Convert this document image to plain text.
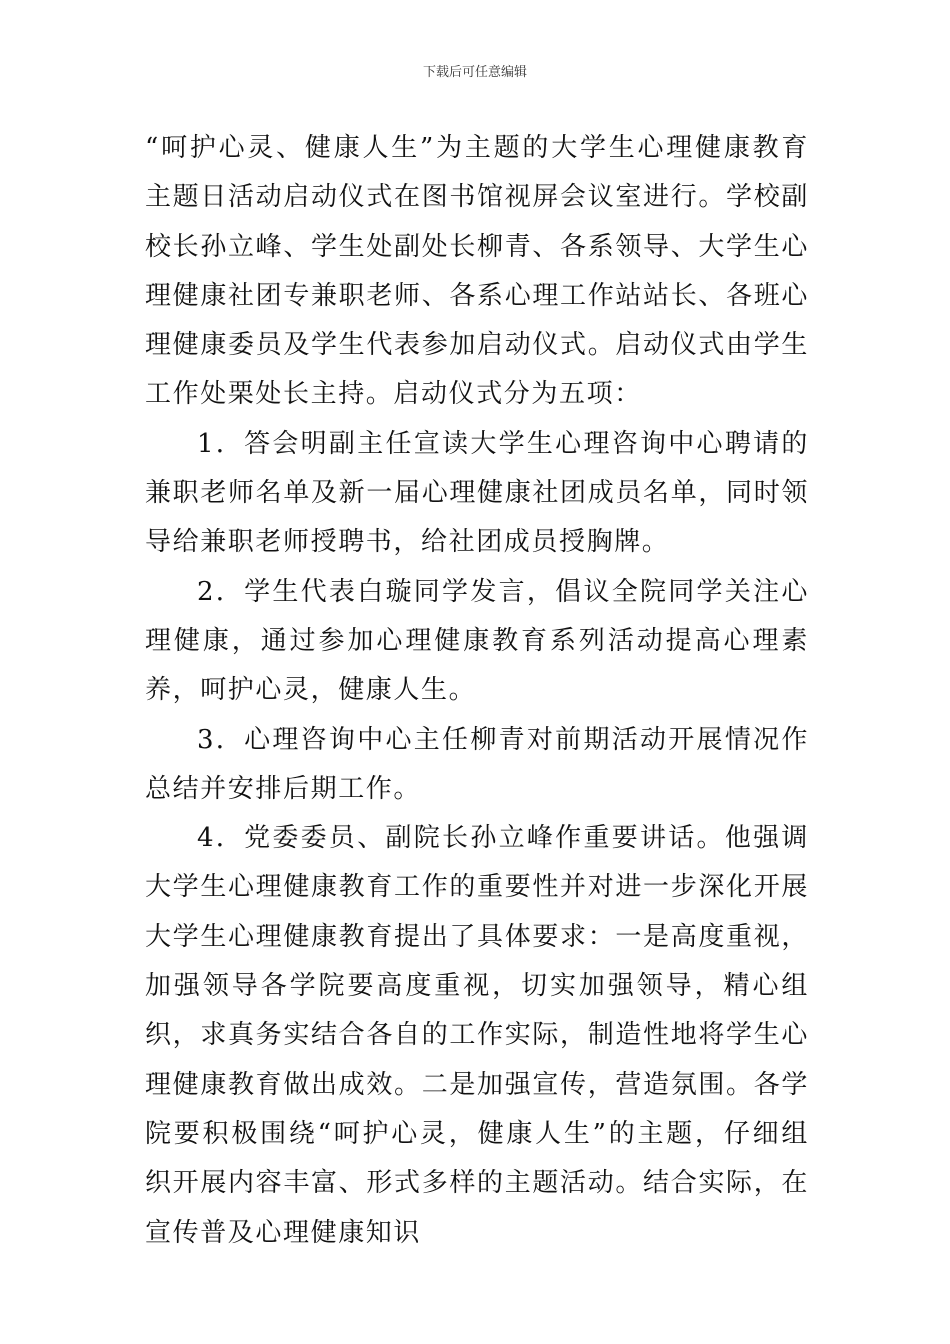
下载后可任意编辑

“呵护心灵、健康人生”为主题的大学生心理健康教育主题日活动启动仪式在图书馆视屏会议室进行。学校副校长孙立峰、学生处副处长柳青、各系领导、大学生心理健康社团专兼职老师、各系心理工作站站长、各班心理健康委员及学生代表参加启动仪式。启动仪式由学生工作处栗处长主持。启动仪式分为五项：

1．答会明副主任宣读大学生心理咨询中心聘请的兼职老师名单及新一届心理健康社团成员名单，同时领导给兼职老师授聘书，给社团成员授胸牌。

2．学生代表白璇同学发言，倡议全院同学关注心理健康，通过参加心理健康教育系列活动提高心理素养，呵护心灵，健康人生。

3．心理咨询中心主任柳青对前期活动开展情况作总结并安排后期工作。

4．党委委员、副院长孙立峰作重要讲话。他强调大学生心理健康教育工作的重要性并对进一步深化开展大学生心理健康教育提出了具体要求：一是高度重视，加强领导各学院要高度重视，切实加强领导，精心组织，求真务实结合各自的工作实际，制造性地将学生心理健康教育做出成效。二是加强宣传，营造氛围。各学院要积极围绕“呵护心灵，健康人生”的主题，仔细组织开展内容丰富、形式多样的主题活动。结合实际，在宣传普及心理健康知识
